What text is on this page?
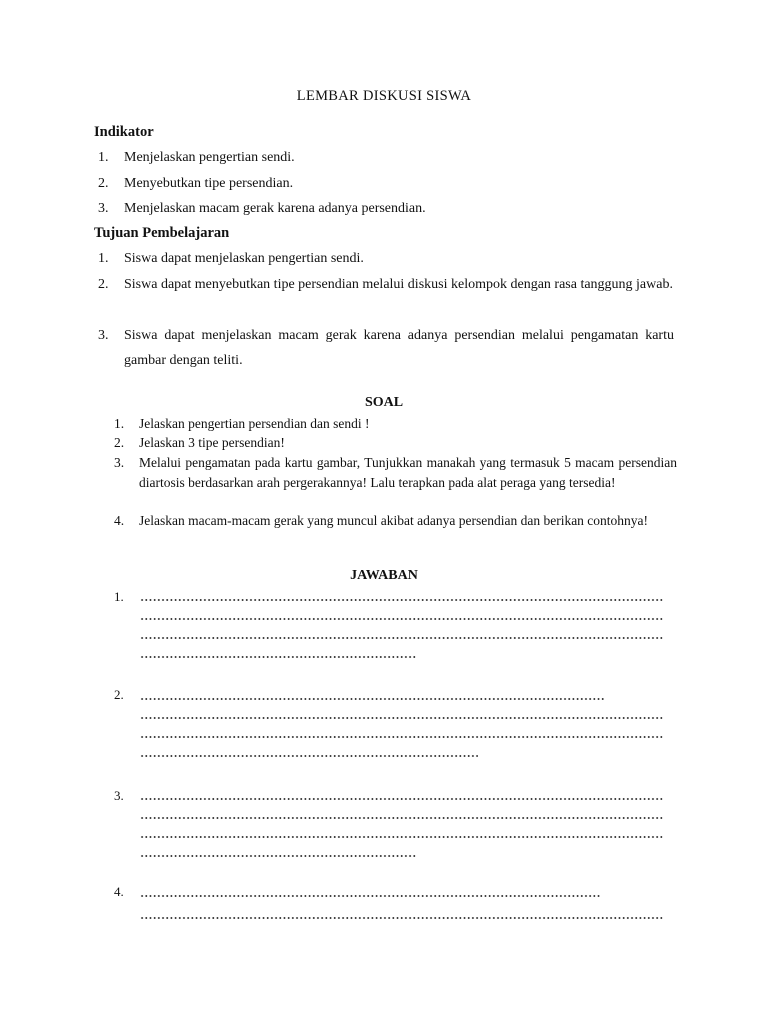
LEMBAR DISKUSI SISWA

Indikator

1. Menjelaskan pengertian sendi.
2. Menyebutkan tipe persendian.
3. Menjelaskan macam gerak karena adanya persendian.

Tujuan Pembelajaran

1. Siswa dapat menjelaskan pengertian sendi.
2. Siswa dapat menyebutkan tipe persendian melalui diskusi kelompok dengan rasa tanggung jawab.
3. Siswa dapat menjelaskan macam gerak karena adanya persendian melalui pengamatan kartu gambar dengan teliti.

SOAL

1. Jelaskan pengertian persendian dan sendi !
2. Jelaskan 3 tipe persendian!
3. Melalui pengamatan pada kartu gambar, Tunjukkan manakah yang termasuk 5 macam persendian diartosis berdasarkan arah pergerakannya! Lalu terapkan pada alat peraga yang tersedia!
4. Jelaskan macam-macam gerak yang muncul akibat adanya persendian dan berikan contohnya!

JAWABAN

1.
2.
3.
4.
